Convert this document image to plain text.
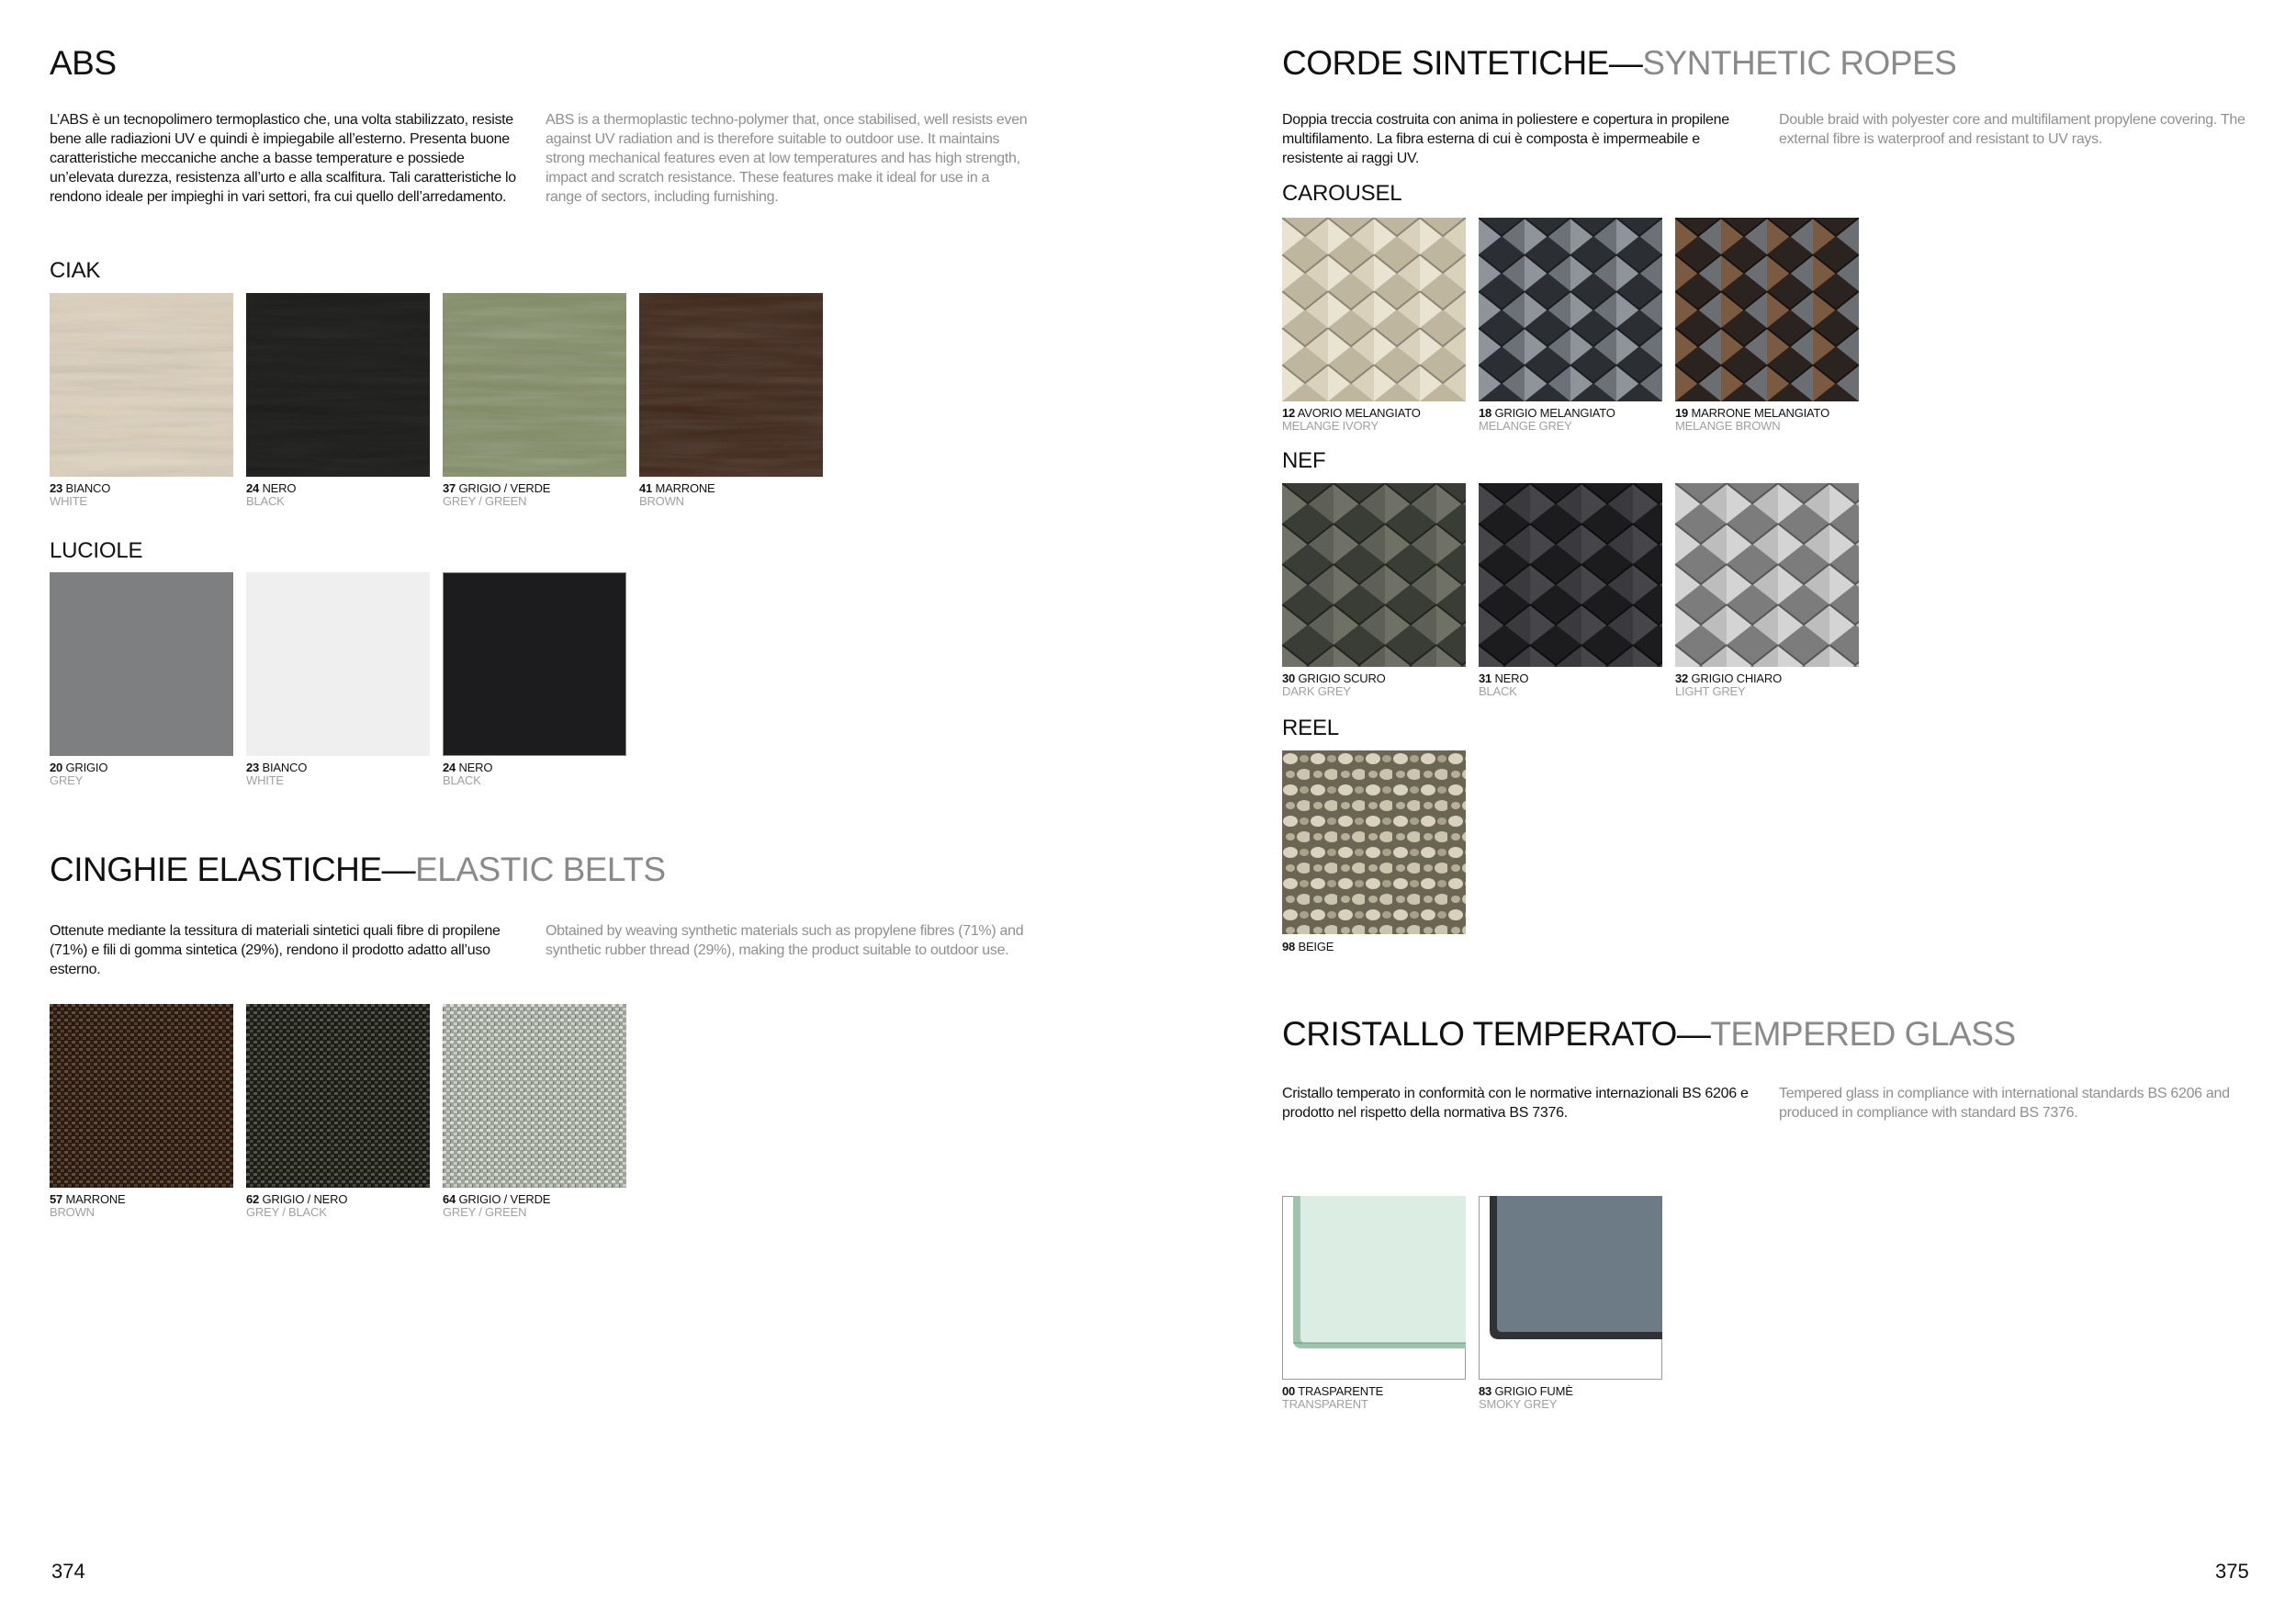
ABS
L’ABS è un tecnopolimero termoplastico che, una volta stabilizzato, resiste bene alle radiazioni UV e quindi è impiegabile all’esterno. Presenta buone caratteristiche meccaniche anche a basse temperature e possiede un’elevata durezza, resistenza all’urto e alla scalfitura. Tali caratteristiche lo rendono ideale per impieghi in vari settori, fra cui quello dell’arredamento.
ABS is a thermoplastic techno-polymer that, once stabilised, well resists even against UV radiation and is therefore suitable to outdoor use. It maintains strong mechanical features even at low temperatures and has high strength, impact and scratch resistance. These features make it ideal for use in a range of sectors, including furnishing.
CIAK
23 BIANCO
WHITE
24 NERO
BLACK
37 GRIGIO / VERDE
GREY / GREEN
41 MARRONE
BROWN
LUCIOLE
20 GRIGIO
GREY
23 BIANCO
WHITE
24 NERO
BLACK
CINGHIE ELASTICHE—ELASTIC BELTS
Ottenute mediante la tessitura di materiali sintetici quali fibre di propilene (71%) e fili di gomma sintetica (29%), rendono il prodotto adatto all’uso esterno.
Obtained by weaving synthetic materials such as propylene fibres (71%) and synthetic rubber thread (29%), making the product suitable to outdoor use.
57 MARRONE
BROWN
62 GRIGIO / NERO
GREY / BLACK
64 GRIGIO / VERDE
GREY / GREEN
374
CORDE SINTETICHE—SYNTHETIC ROPES
Doppia treccia costruita con anima in poliestere e copertura in propilene multifilamento. La fibra esterna di cui è composta è impermeabile e resistente ai raggi UV.
Double braid with polyester core and multifilament propylene covering. The external fibre is waterproof and resistant to UV rays.
CAROUSEL
12 AVORIO MELANGIATO
MELANGE IVORY
18 GRIGIO MELANGIATO
MELANGE GREY
19 MARRONE MELANGIATO
MELANGE BROWN
NEF
30 GRIGIO SCURO
DARK GREY
31 NERO
BLACK
32 GRIGIO CHIARO
LIGHT GREY
REEL
98 BEIGE
CRISTALLO TEMPERATO—TEMPERED GLASS
Cristallo temperato in conformità con le normative internazionali BS 6206 e prodotto nel rispetto della normativa BS 7376.
Tempered glass in compliance with international standards BS 6206 and produced in compliance with standard BS 7376.
00 TRASPARENTE
TRANSPARENT
83 GRIGIO FUMÈ
SMOKY GREY
375
